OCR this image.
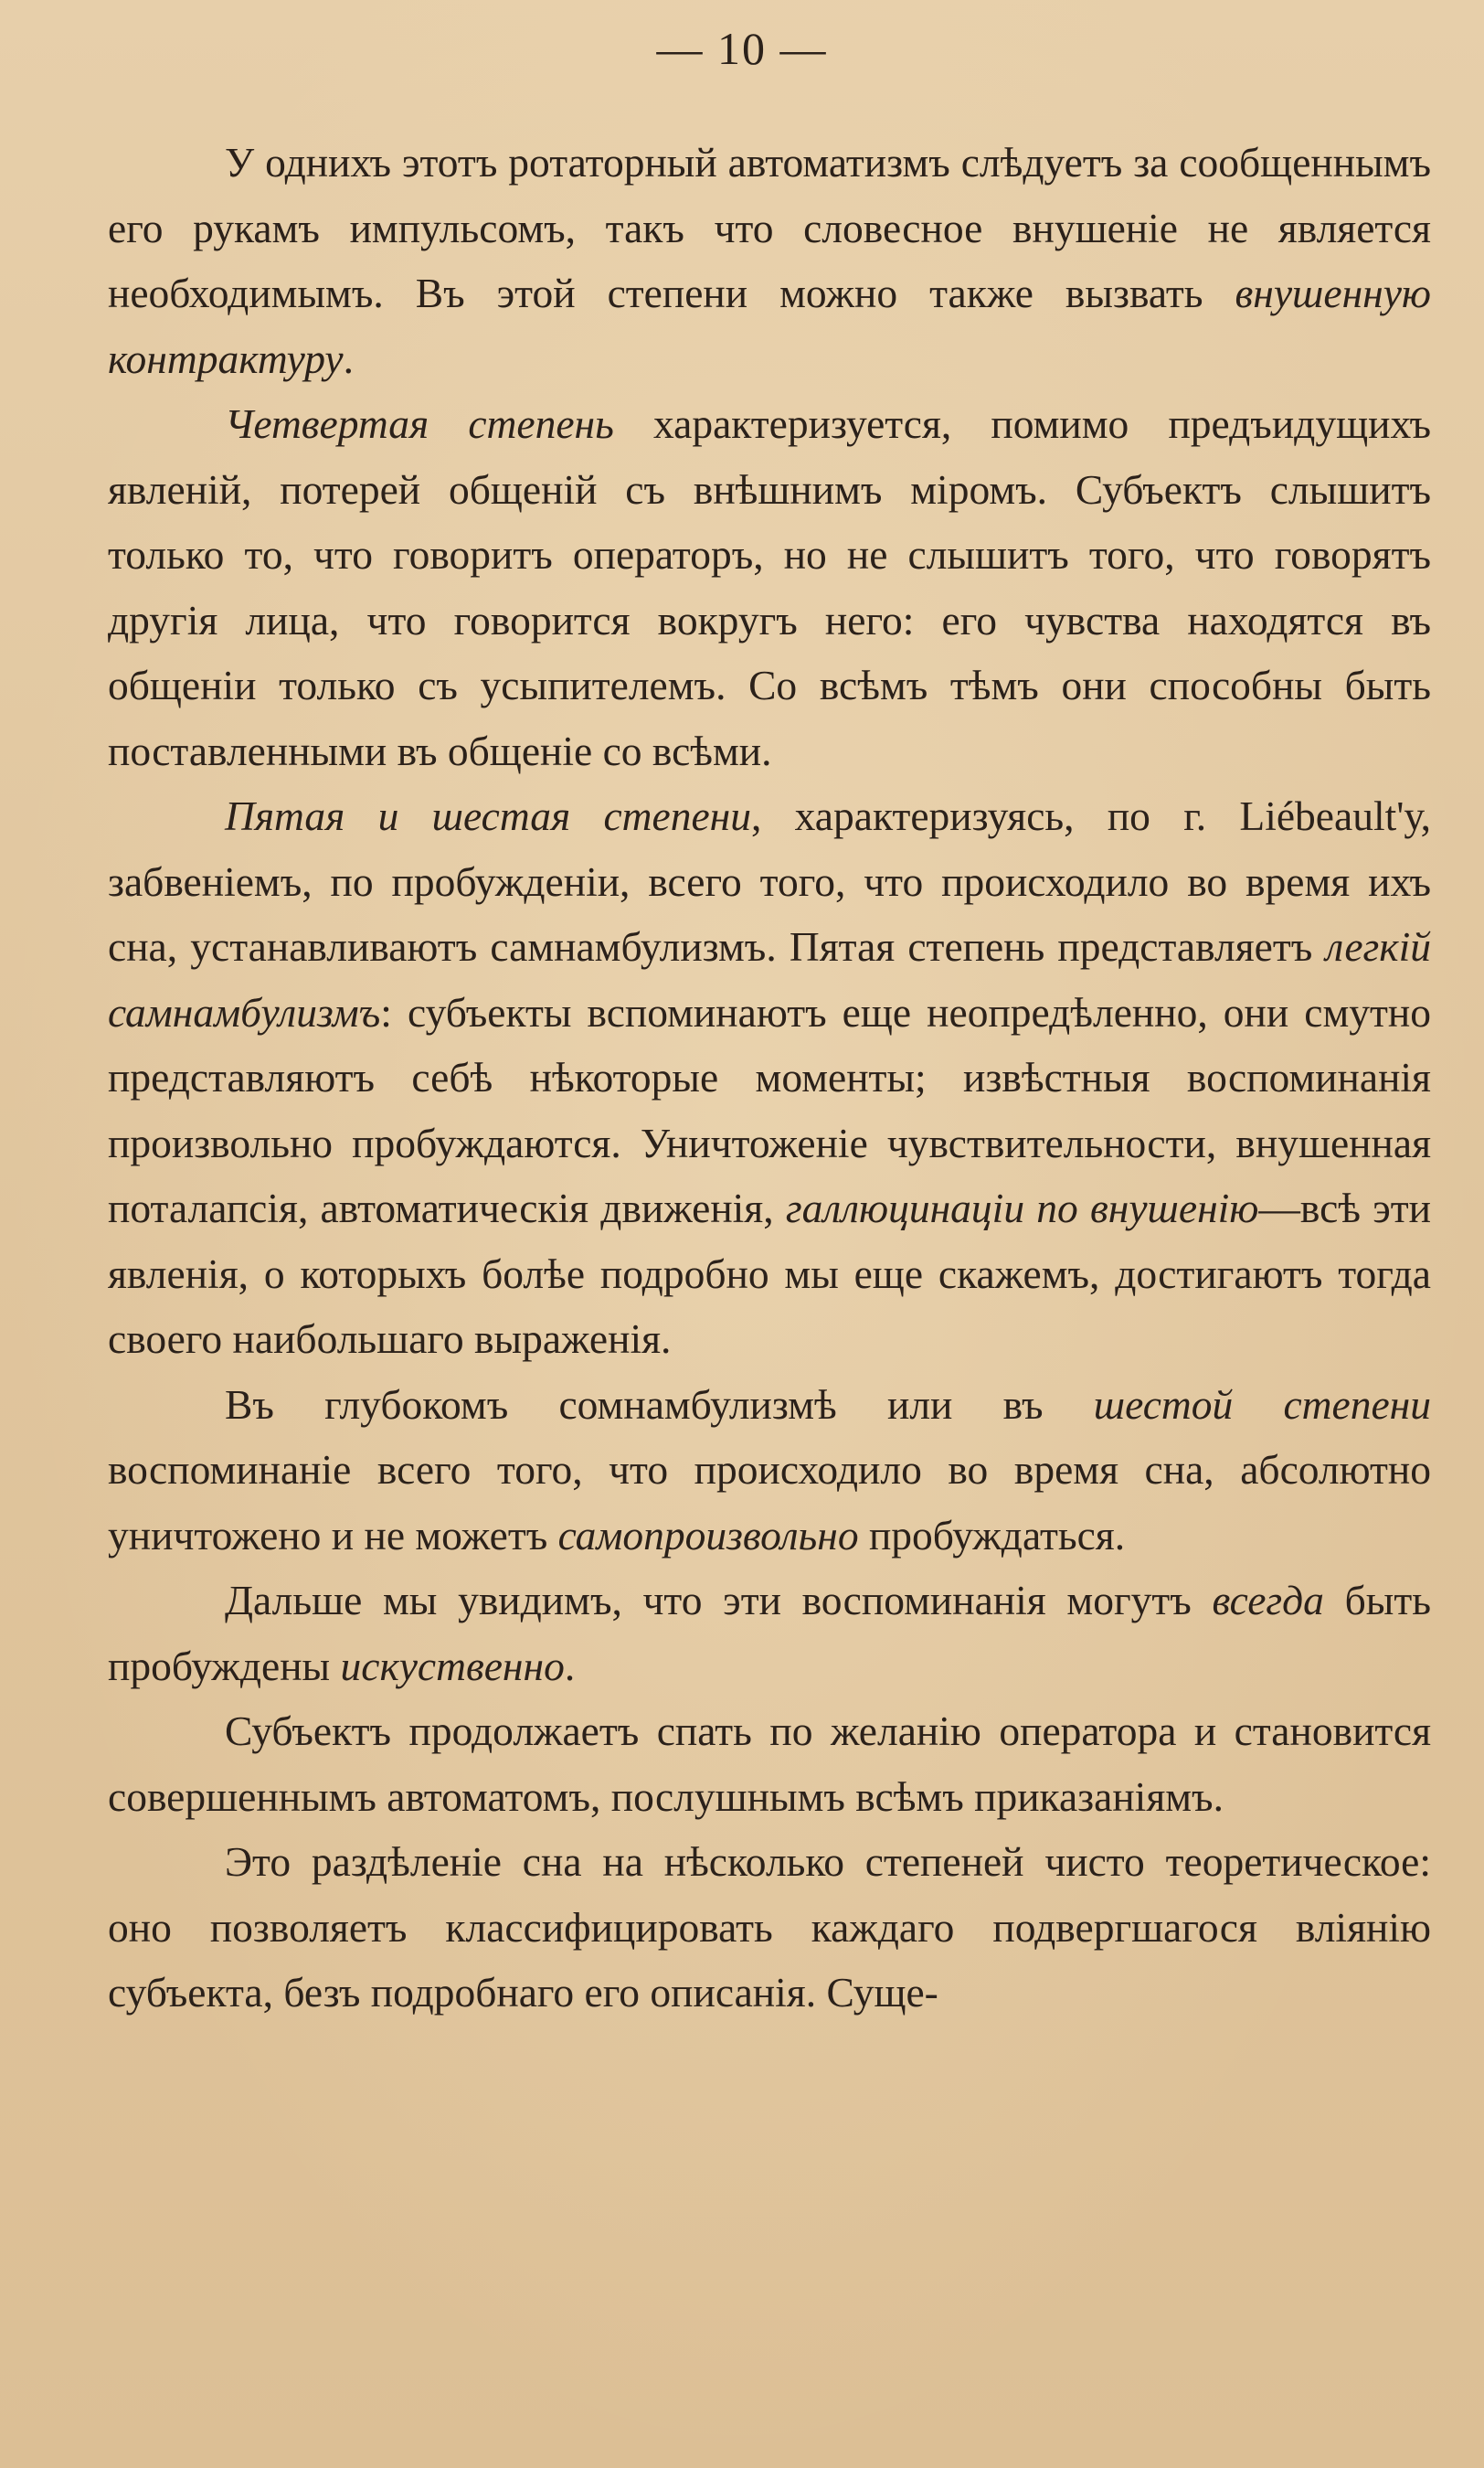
— 10 —

У однихъ этотъ ротаторный автоматизмъ слѣдуетъ за сообщеннымъ его рукамъ импульсомъ, такъ что словесное внушеніе не является необходимымъ. Въ этой степени можно также вызвать внушенную контрактуру.

Четвертая степень характеризуется, помимо предъидущихъ явленій, потерей общеній съ внѣшнимъ міромъ. Субъектъ слышитъ только то, что говоритъ операторъ, но не слышитъ того, что говорятъ другія лица, что говорится вокругъ него: его чувства находятся въ общеніи только съ усыпителемъ. Со всѣмъ тѣмъ они способны быть поставленными въ общеніе со всѣми.

Пятая и шестая степени, характеризуясь, по г. Liébeault'у, забвеніемъ, по пробужденіи, всего того, что происходило во время ихъ сна, устанавливаютъ самнамбулизмъ. Пятая степень представляетъ легкій самнамбулизмъ: субъекты вспоминаютъ еще неопредѣленно, они смутно представляютъ себѣ нѣкоторые моменты; извѣстныя воспоминанія произвольно пробуждаются. Уничтоженіе чувствительности, внушенная поталапсія, автоматическія движенія, галлюцинаціи по внушенію—всѣ эти явленія, о которыхъ болѣе подробно мы еще скажемъ, достигаютъ тогда своего наибольшаго выраженія.

Въ глубокомъ сомнамбулизмѣ или въ шестой степени воспоминаніе всего того, что происходило во время сна, абсолютно уничтожено и не можетъ самопроизвольно пробуждаться.

Дальше мы увидимъ, что эти воспоминанія могутъ всегда быть пробуждены искуственно.

Субъектъ продолжаетъ спать по желанію оператора и становится совершеннымъ автоматомъ, послушнымъ всѣмъ приказаніямъ.

Это раздѣленіе сна на нѣсколько степеней чисто теоретическое: оно позволяетъ классифицировать каждаго подвергшагося вліянію субъекта, безъ подробнаго его описанія. Суще-
